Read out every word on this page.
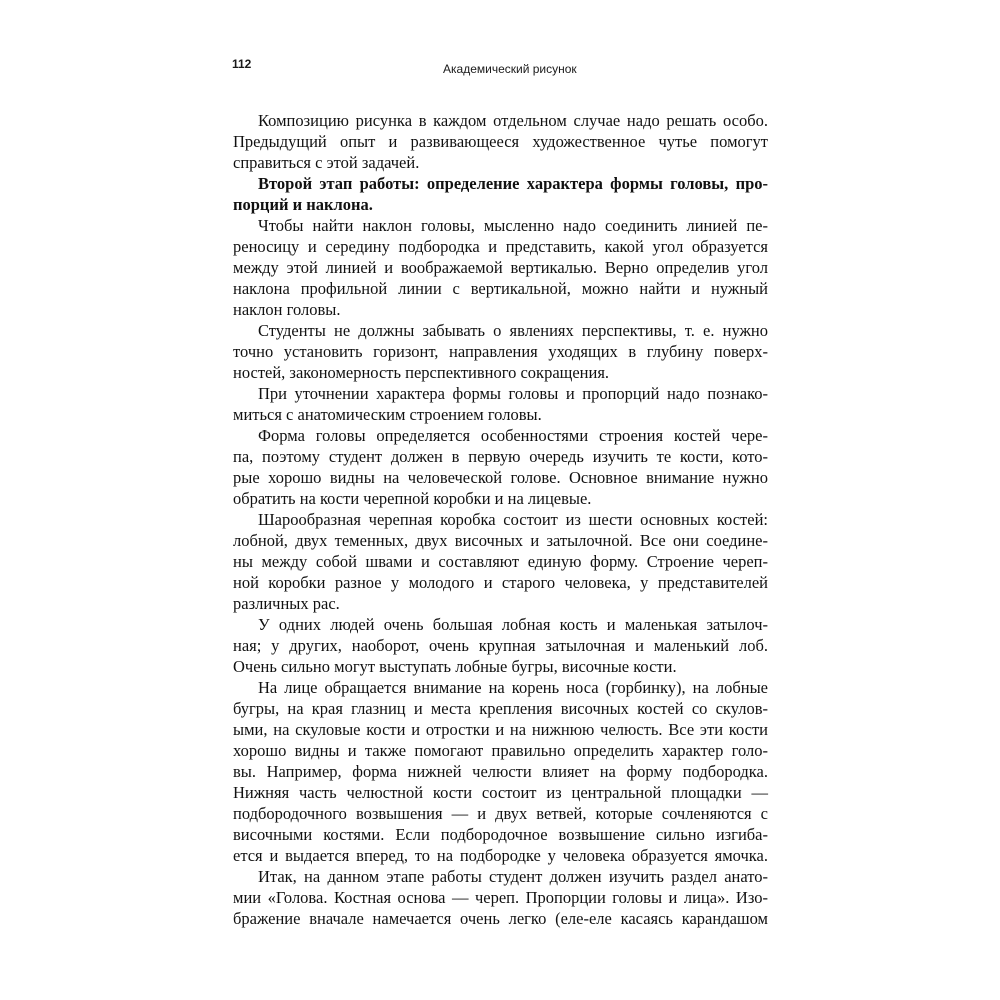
112	Академический рисунок
Композицию рисунка в каждом отдельном случае надо решать особо.
Предыдущий опыт и развивающееся художественное чутье помогут
справиться с этой задачей.
Второй этап работы: определение характера формы головы, про-
порций и наклона.
Чтобы найти наклон головы, мысленно надо соединить линией пе-
реносицу и середину подбородка и представить, какой угол образуется
между этой линией и воображаемой вертикалью. Верно определив угол
наклона профильной линии с вертикальной, можно найти и нужный
наклон головы.
Студенты не должны забывать о явлениях перспективы, т. е. нужно
точно установить горизонт, направления уходящих в глубину поверх-
ностей, закономерность перспективного сокращения.
При уточнении характера формы головы и пропорций надо познако-
миться с анатомическим строением головы.
Форма головы определяется особенностями строения костей чере-
па, поэтому студент должен в первую очередь изучить те кости, кото-
рые хорошо видны на человеческой голове. Основное внимание нужно
обратить на кости черепной коробки и на лицевые.
Шарообразная черепная коробка состоит из шести основных костей:
лобной, двух теменных, двух височных и затылочной. Все они соедине-
ны между собой швами и составляют единую форму. Строение череп-
ной коробки разное у молодого и старого человека, у представителей
различных рас.
У одних людей очень большая лобная кость и маленькая затылоч-
ная; у других, наоборот, очень крупная затылочная и маленький лоб.
Очень сильно могут выступать лобные бугры, височные кости.
На лице обращается внимание на корень носа (горбинку), на лобные
бугры, на края глазниц и места крепления височных костей со скулов-
ыми, на скуловые кости и отростки и на нижнюю челюсть. Все эти кости
хорошо видны и также помогают правильно определить характер голо-
вы. Например, форма нижней челюсти влияет на форму подбородка.
Нижняя часть челюстной кости состоит из центральной площадки —
подбородочного возвышения — и двух ветвей, которые сочленяются с
височными костями. Если подбородочное возвышение сильно изгиба-
ется и выдается вперед, то на подбородке у человека образуется ямочка.
Итак, на данном этапе работы студент должен изучить раздел анато-
мии «Голова. Костная основа — череп. Пропорции головы и лица». Изо-
бражение вначале намечается очень легко (еле-еле касаясь карандашом
